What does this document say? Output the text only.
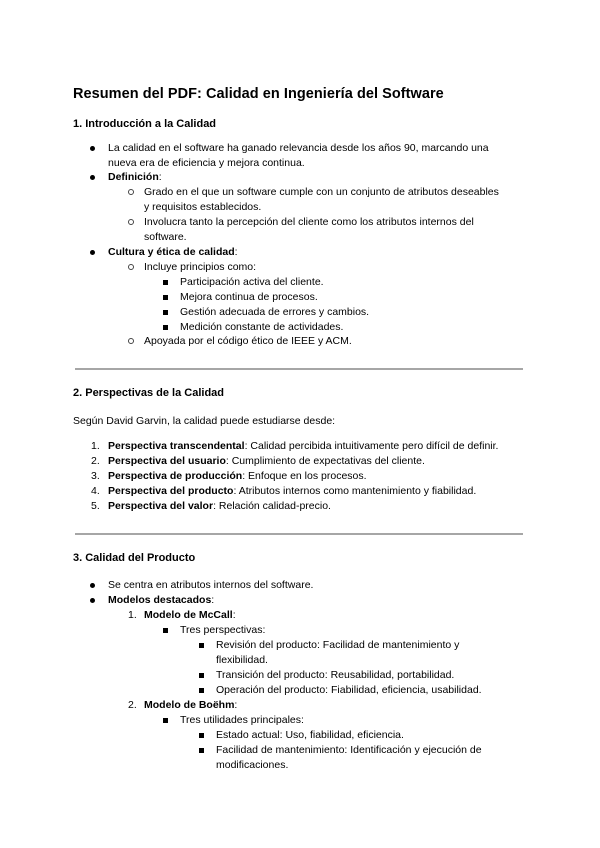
Resumen del PDF: Calidad en Ingeniería del Software
1. Introducción a la Calidad
La calidad en el software ha ganado relevancia desde los años 90, marcando una
nueva era de eficiencia y mejora continua.
Definición:
Grado en el que un software cumple con un conjunto de atributos deseables
y requisitos establecidos.
Involucra tanto la percepción del cliente como los atributos internos del
software.
Cultura y ética de calidad:
Incluye principios como:
Participación activa del cliente.
Mejora continua de procesos.
Gestión adecuada de errores y cambios.
Medición constante de actividades.
Apoyada por el código ético de IEEE y ACM.
2. Perspectivas de la Calidad
Según David Garvin, la calidad puede estudiarse desde:
1. Perspectiva transcendental: Calidad percibida intuitivamente pero difícil de definir.
2. Perspectiva del usuario: Cumplimiento de expectativas del cliente.
3. Perspectiva de producción: Enfoque en los procesos.
4. Perspectiva del producto: Atributos internos como mantenimiento y fiabilidad.
5. Perspectiva del valor: Relación calidad-precio.
3. Calidad del Producto
Se centra en atributos internos del software.
Modelos destacados:
1. Modelo de McCall:
Tres perspectivas:
Revisión del producto: Facilidad de mantenimiento y
flexibilidad.
Transición del producto: Reusabilidad, portabilidad.
Operación del producto: Fiabilidad, eficiencia, usabilidad.
2. Modelo de Boëhm:
Tres utilidades principales:
Estado actual: Uso, fiabilidad, eficiencia.
Facilidad de mantenimiento: Identificación y ejecución de
modificaciones.
